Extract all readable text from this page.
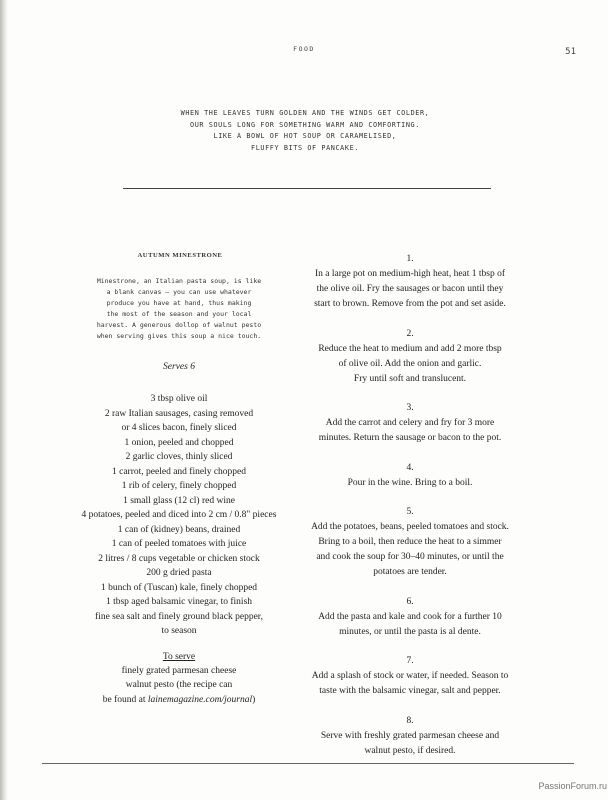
FOOD	51
WHEN THE LEAVES TURN GOLDEN AND THE WINDS GET COLDER,
OUR SOULS LONG FOR SOMETHING WARM AND COMFORTING.
LIKE A BOWL OF HOT SOUP OR CARAMELISED,
FLUFFY BITS OF PANCAKE.
AUTUMN MINESTRONE
Minestrone, an Italian pasta soup, is like
a blank canvas – you can use whatever
produce you have at hand, thus making
the most of the season and your local
harvest. A generous dollop of walnut pesto
when serving gives this soup a nice touch.
Serves 6
3 tbsp olive oil
2 raw Italian sausages, casing removed
or 4 slices bacon, finely sliced
1 onion, peeled and chopped
2 garlic cloves, thinly sliced
1 carrot, peeled and finely chopped
1 rib of celery, finely chopped
1 small glass (12 cl) red wine
4 potatoes, peeled and diced into 2 cm / 0.8" pieces
1 can of (kidney) beans, drained
1 can of peeled tomatoes with juice
2 litres / 8 cups vegetable or chicken stock
200 g dried pasta
1 bunch of (Tuscan) kale, finely chopped
1 tbsp aged balsamic vinegar, to finish
fine sea salt and finely ground black pepper,
to season
To serve
finely grated parmesan cheese
walnut pesto (the recipe can
be found at lainemagazine.com/journal)
1.
In a large pot on medium-high heat, heat 1 tbsp of
the olive oil. Fry the sausages or bacon until they
start to brown. Remove from the pot and set aside.
2.
Reduce the heat to medium and add 2 more tbsp
of olive oil. Add the onion and garlic.
Fry until soft and translucent.
3.
Add the carrot and celery and fry for 3 more
minutes. Return the sausage or bacon to the pot.
4.
Pour in the wine. Bring to a boil.
5.
Add the potatoes, beans, peeled tomatoes and stock.
Bring to a boil, then reduce the heat to a simmer
and cook the soup for 30–40 minutes, or until the
potatoes are tender.
6.
Add the pasta and kale and cook for a further 10
minutes, or until the pasta is al dente.
7.
Add a splash of stock or water, if needed. Season to
taste with the balsamic vinegar, salt and pepper.
8.
Serve with freshly grated parmesan cheese and
walnut pesto, if desired.
PassionForum.ru
